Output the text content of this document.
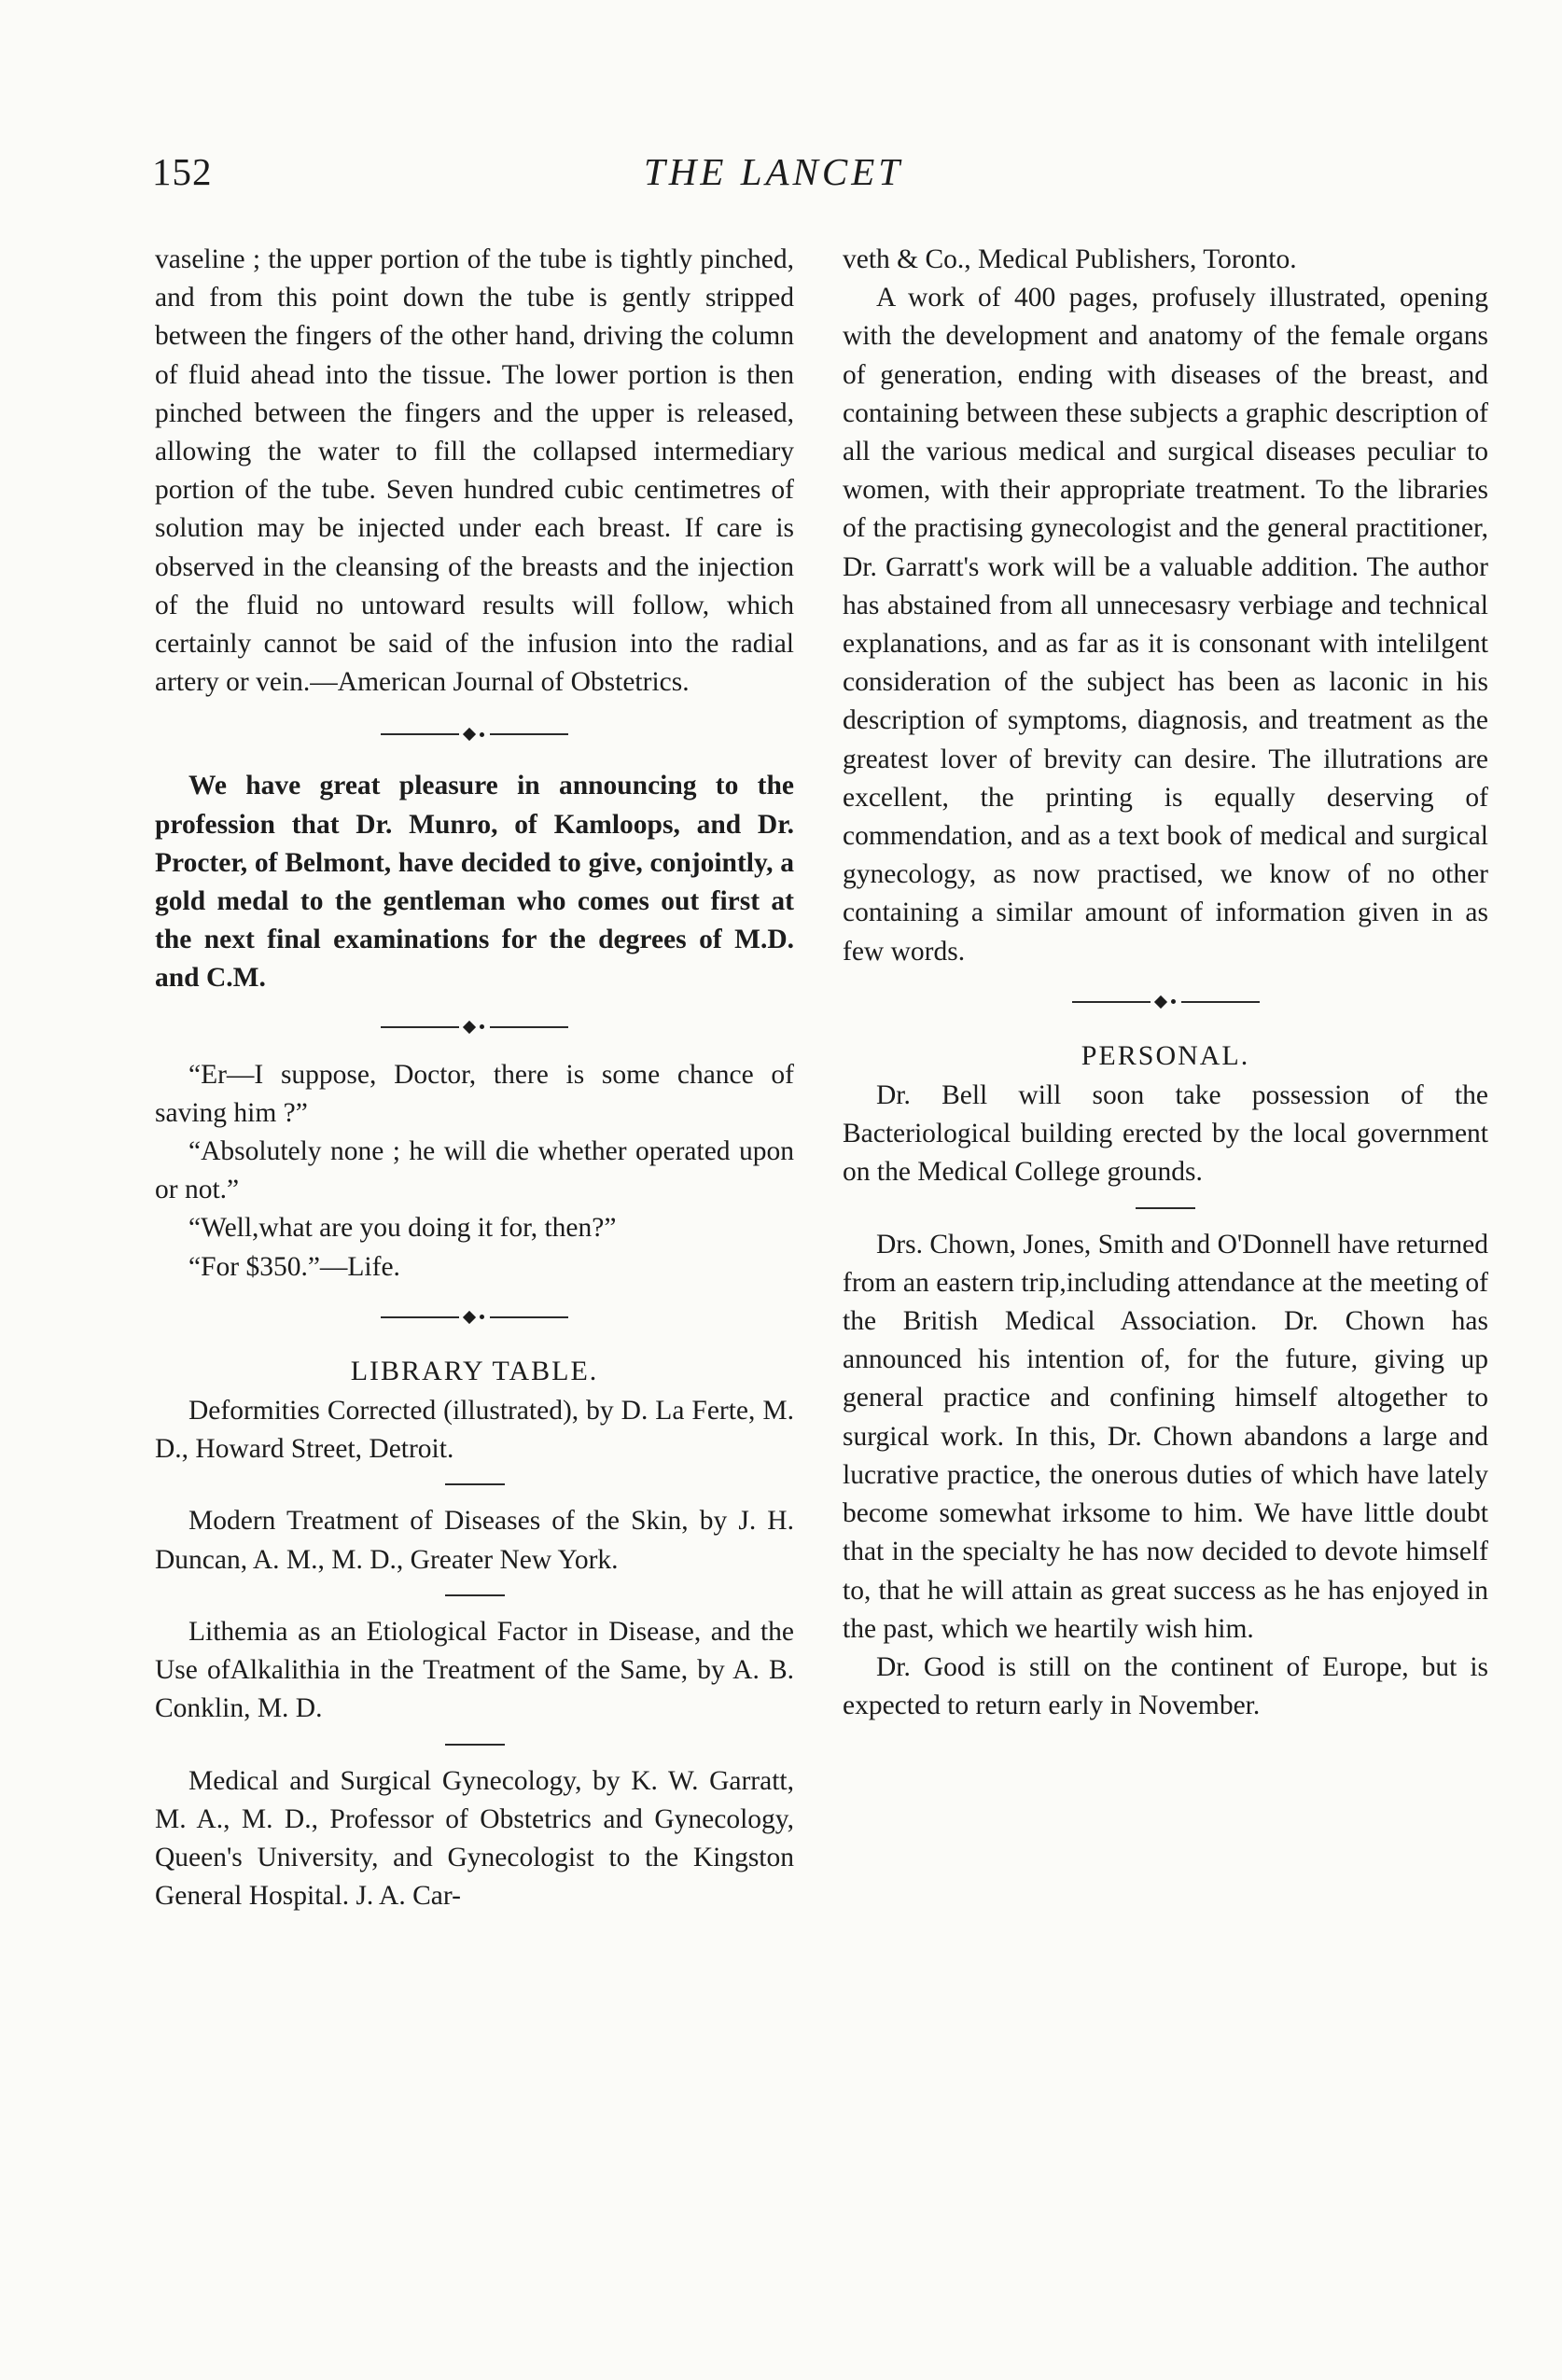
152	THE LANCET

vaseline ; the upper portion of the tube is tightly pinched, and from this point down the tube is gently stripped between the fingers of the other hand, driving the column of fluid ahead into the tissue. The lower portion is then pinched between the fingers and the upper is released, allowing the water to fill the collapsed intermediary portion of the tube. Seven hundred cubic centimetres of solution may be injected under each breast. If care is observed in the cleansing of the breasts and the injection of the fluid no untoward results will follow, which certainly cannot be said of the infusion into the radial artery or vein.—American Journal of Obstetrics.

We have great pleasure in announcing to the profession that Dr. Munro, of Kamloops, and Dr. Procter, of Belmont, have decided to give, conjointly, a gold medal to the gentleman who comes out first at the next final examinations for the degrees of M.D. and C.M.

“Er—I suppose, Doctor, there is some chance of saving him ?”

“Absolutely none ; he will die whether operated upon or not.”

“Well,what are you doing it for, then?”

“For $350.”—Life.

LIBRARY TABLE.

Deformities Corrected (illustrated), by D. La Ferte, M. D., Howard Street, Detroit.

Modern Treatment of Diseases of the Skin, by J. H. Duncan, A. M., M. D., Greater New York.

Lithemia as an Etiological Factor in Disease, and the Use ofAlkalithia in the Treatment of the Same, by A. B. Conklin, M. D.

Medical and Surgical Gynecology, by K. W. Garratt, M. A., M. D., Professor of Obstetrics and Gynecology, Queen's University, and Gynecologist to the Kingston General Hospital. J. A. Car-

veth & Co., Medical Publishers, Toronto.

A work of 400 pages, profusely illustrated, opening with the development and anatomy of the female organs of generation, ending with diseases of the breast, and containing between these subjects a graphic description of all the various medical and surgical diseases peculiar to women, with their appropriate treatment. To the libraries of the practising gynecologist and the general practitioner, Dr. Garratt's work will be a valuable addition. The author has abstained from all unnecesasry verbiage and technical explanations, and as far as it is consonant with intelilgent consideration of the subject has been as laconic in his description of symptoms, diagnosis, and treatment as the greatest lover of brevity can desire. The illutrations are excellent, the printing is equally deserving of commendation, and as a text book of medical and surgical gynecology, as now practised, we know of no other containing a similar amount of information given in as few words.

PERSONAL.

Dr. Bell will soon take possession of the Bacteriological building erected by the local government on the Medical College grounds.

Drs. Chown, Jones, Smith and O'Donnell have returned from an eastern trip,including attendance at the meeting of the British Medical Association. Dr. Chown has announced his intention of, for the future, giving up general practice and confining himself altogether to surgical work. In this, Dr. Chown abandons a large and lucrative practice, the onerous duties of which have lately become somewhat irksome to him. We have little doubt that in the specialty he has now decided to devote himself to, that he will attain as great success as he has enjoyed in the past, which we heartily wish him.

Dr. Good is still on the continent of Europe, but is expected to return early in November.
